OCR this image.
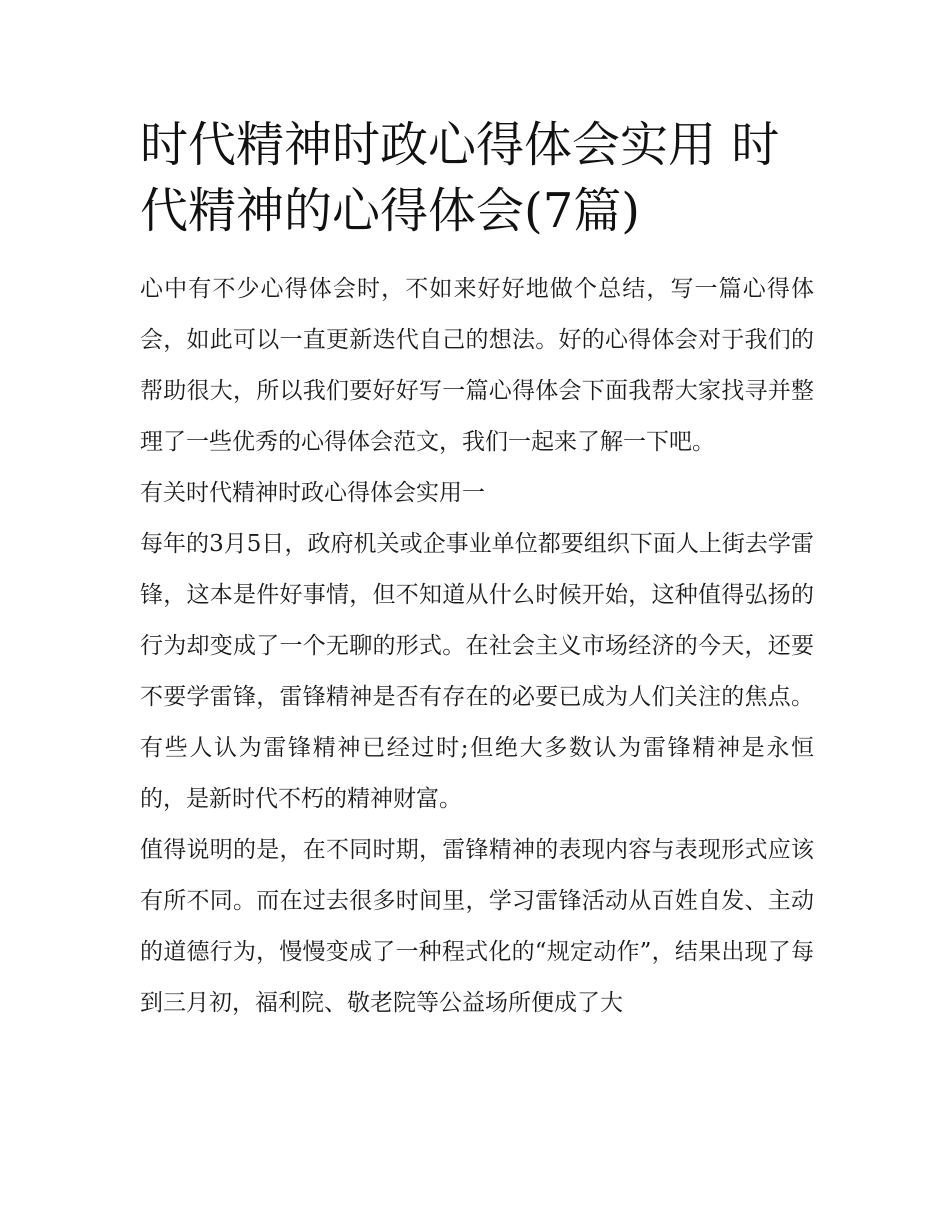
时代精神时政心得体会实用 时代精神的心得体会(7篇)

心中有不少心得体会时，不如来好好地做个总结，写一篇心得体会，如此可以一直更新迭代自己的想法。好的心得体会对于我们的帮助很大，所以我们要好好写一篇心得体会下面我帮大家找寻并整理了一些优秀的心得体会范文，我们一起来了解一下吧。

有关时代精神时政心得体会实用一

每年的3月5日，政府机关或企事业单位都要组织下面人上街去学雷锋，这本是件好事情，但不知道从什么时候开始，这种值得弘扬的行为却变成了一个无聊的形式。在社会主义市场经济的今天，还要不要学雷锋，雷锋精神是否有存在的必要已成为人们关注的焦点。有些人认为雷锋精神已经过时;但绝大多数认为雷锋精神是永恒的，是新时代不朽的精神财富。

值得说明的是，在不同时期，雷锋精神的表现内容与表现形式应该有所不同。而在过去很多时间里，学习雷锋活动从百姓自发、主动的道德行为，慢慢变成了一种程式化的“规定动作”，结果出现了每到三月初，福利院、敬老院等公益场所便成了大
